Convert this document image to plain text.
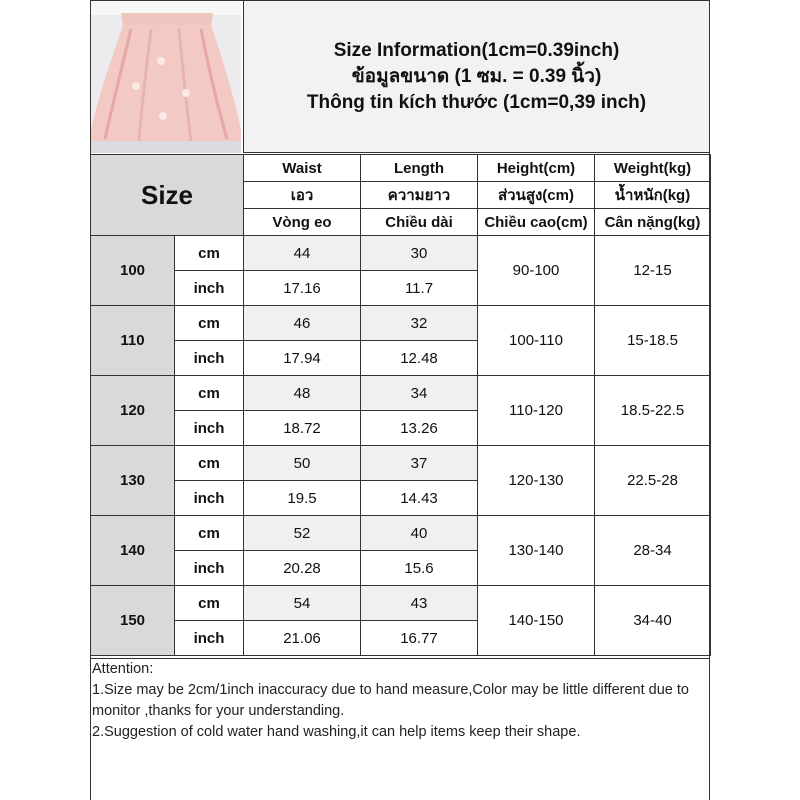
Size Information(1cm=0.39inch)
ข้อมูลขนาด (1 ซม. = 0.39 นิ้ว)
Thông tin kích thước (1cm=0,39 inch)
Size		Waist	Length	Height(cm)	Weight(kg)
		เอว	ความยาว	ส่วนสูง(cm)	น้ำหนัก(kg)
		Vòng eo	Chiều dài	Chiều cao(cm)	Cân nặng(kg)
100	cm	44	30	90-100	12-15
	inch	17.16	11.7		
110	cm	46	32	100-110	15-18.5
	inch	17.94	12.48		
120	cm	48	34	110-120	18.5-22.5
	inch	18.72	13.26		
130	cm	50	37	120-130	22.5-28
	inch	19.5	14.43		
140	cm	52	40	130-140	28-34
	inch	20.28	15.6		
150	cm	54	43	140-150	34-40
	inch	21.06	16.77		

Attention:

1.Size may be 2cm/1inch inaccuracy due to hand measure,Color may be little different due to monitor ,thanks for your understanding.

2.Suggestion of cold water hand washing,it can help items keep their shape.
